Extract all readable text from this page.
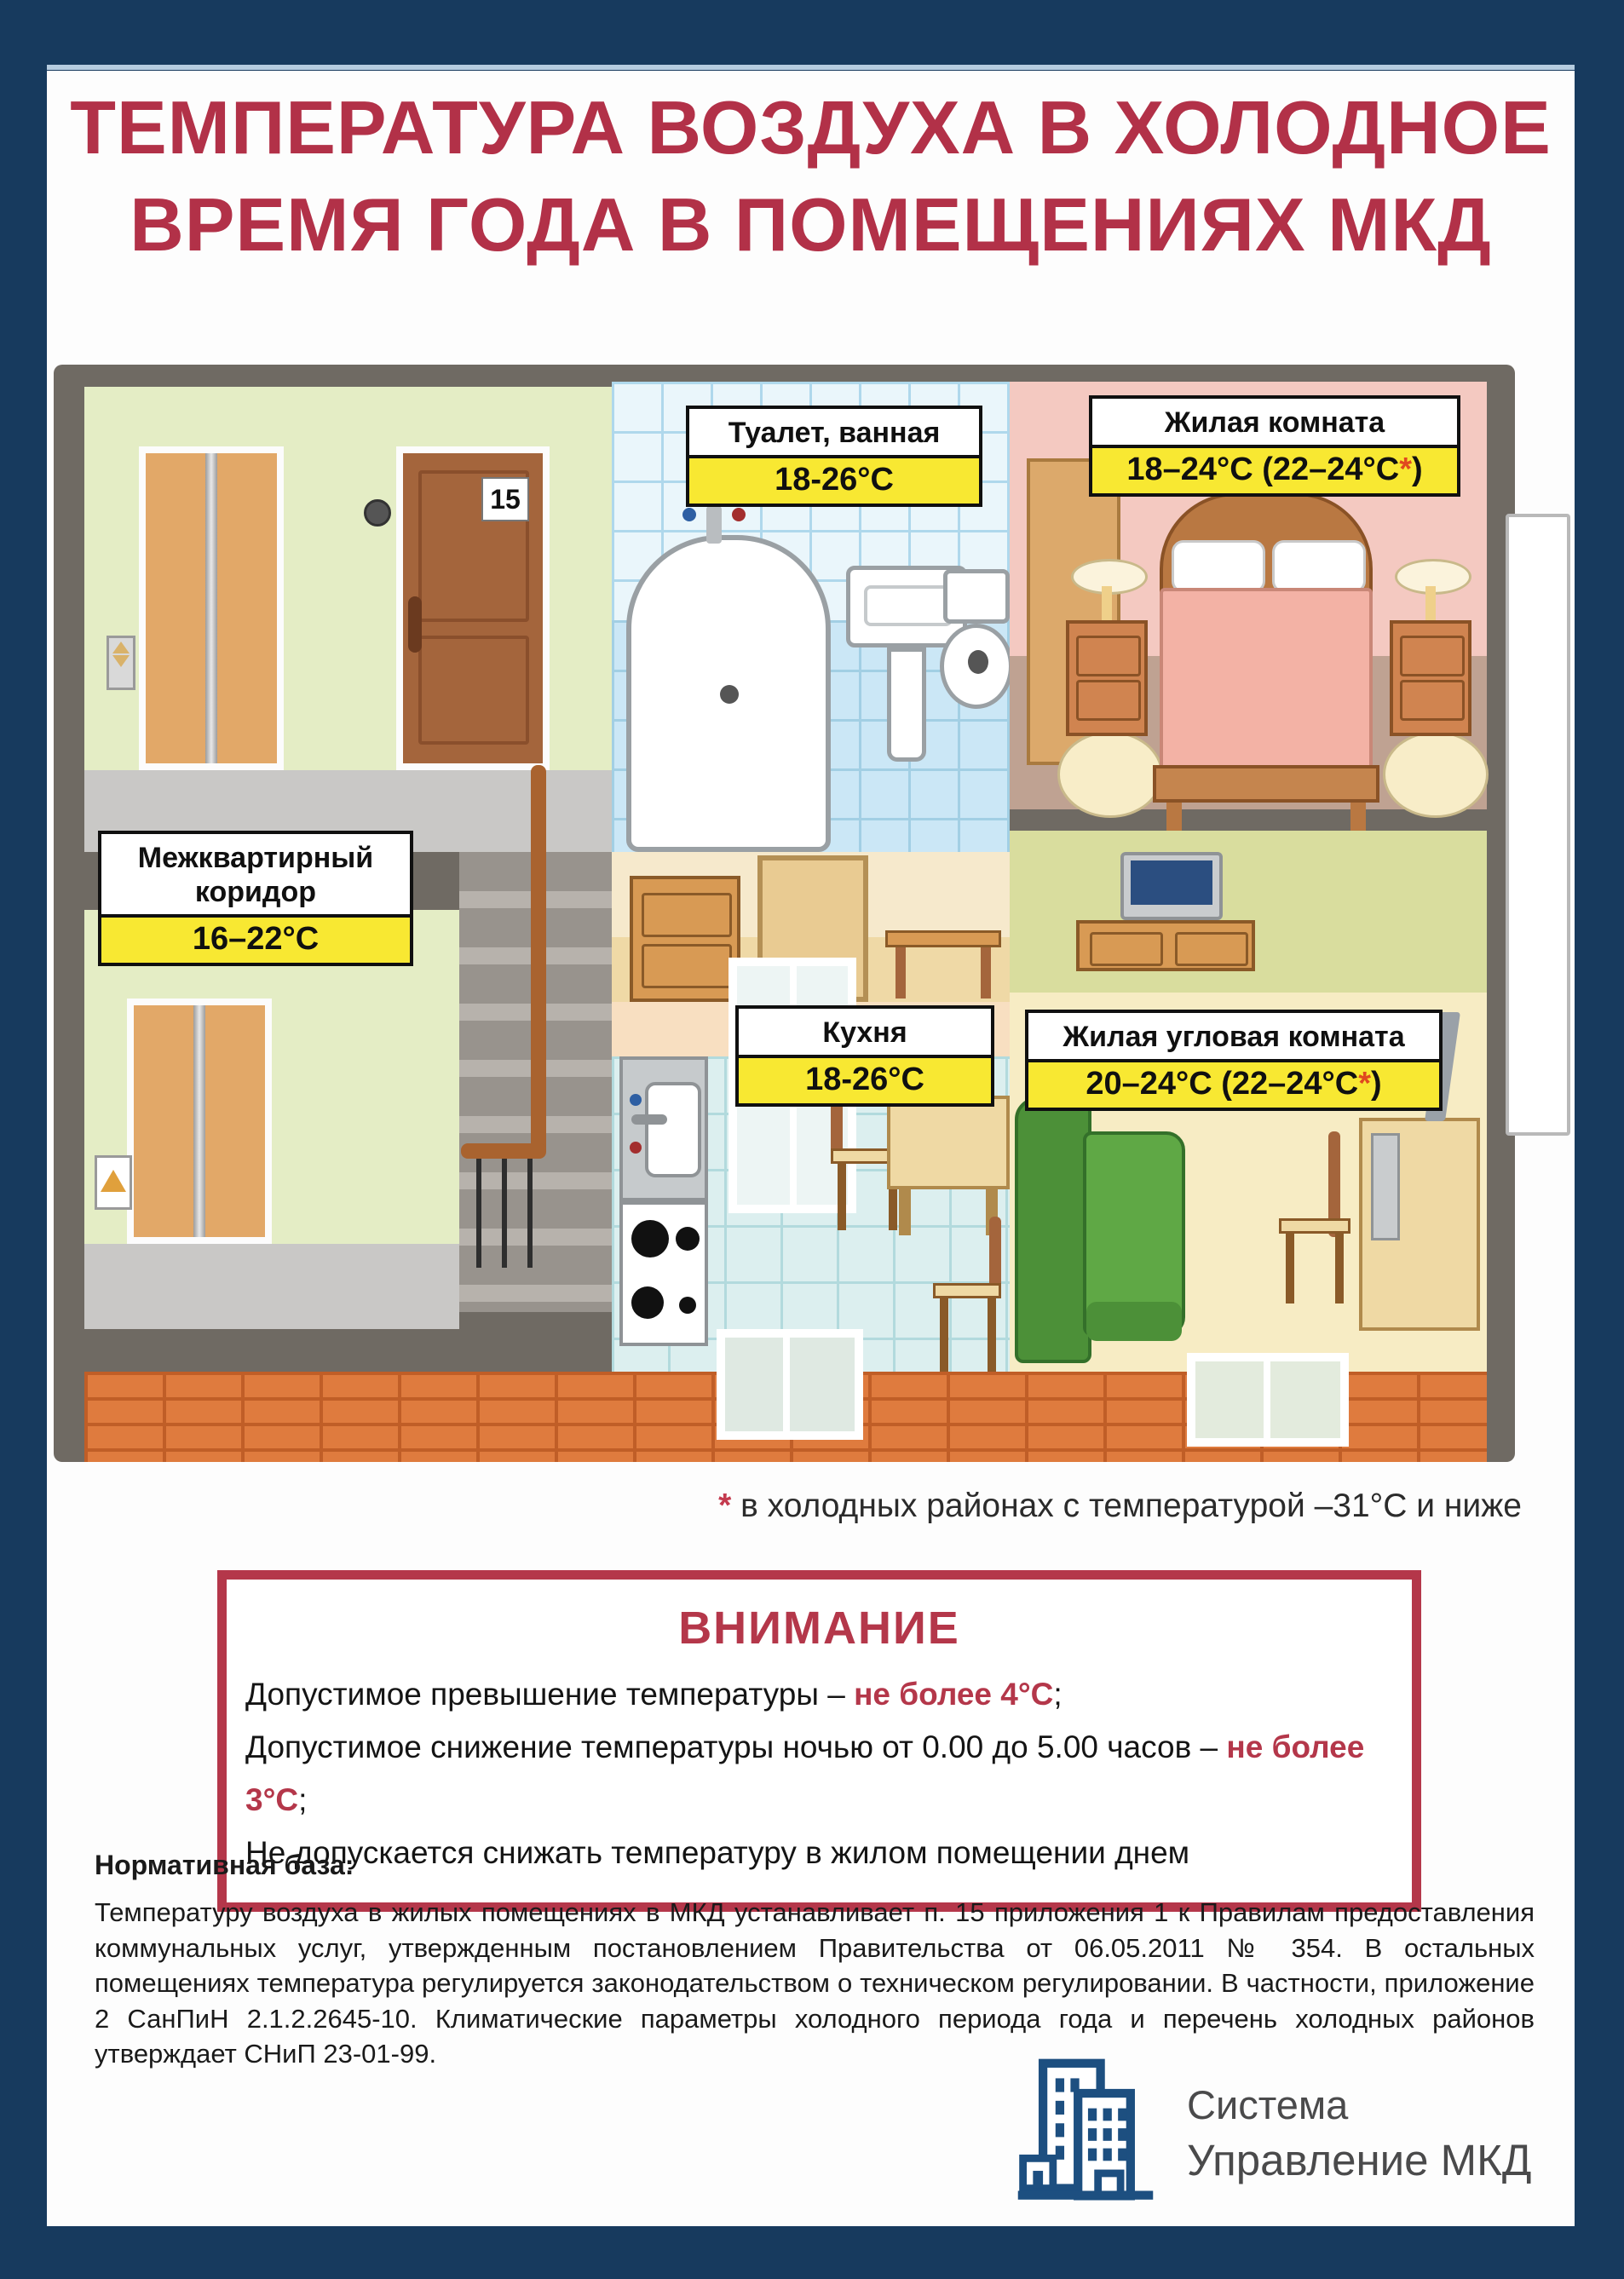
ТЕМПЕРАТУРА ВОЗДУХА В ХОЛОДНОЕ
ВРЕМЯ ГОДА В ПОМЕЩЕНИЯХ МКД
15
Межквартирный коридор
16–22°С
Туалет, ванная
18-26°С
Кухня
18-26°С
Жилая комната
18–24°С (22–24°С*)
Жилая угловая комната
20–24°С (22–24°С*)
* в холодных районах с температурой –31°С и ниже
ВНИМАНИЕ

Допустимое превышение температуры – не более 4°С;

Допустимое снижение температуры ночью от 0.00 до 5.00 часов – не более 3°С;

Не допускается снижать температуру в жилом помещении днем

Нормативная база:

Температуру воздуха в жилых помещениях в МКД устанавливает п. 15 приложения 1 к Правилам предоставления коммунальных услуг, утвержденным постановлением Правительства от 06.05.2011 № 354. В остальных помещениях температура регулируется законодательством о техническом регулировании. В частности, приложение 2 СанПиН 2.1.2.2645-10. Климатические параметры холодного периода года и перечень холодных районов утверждает СНиП 23-01-99.

Система
Управление МКД
